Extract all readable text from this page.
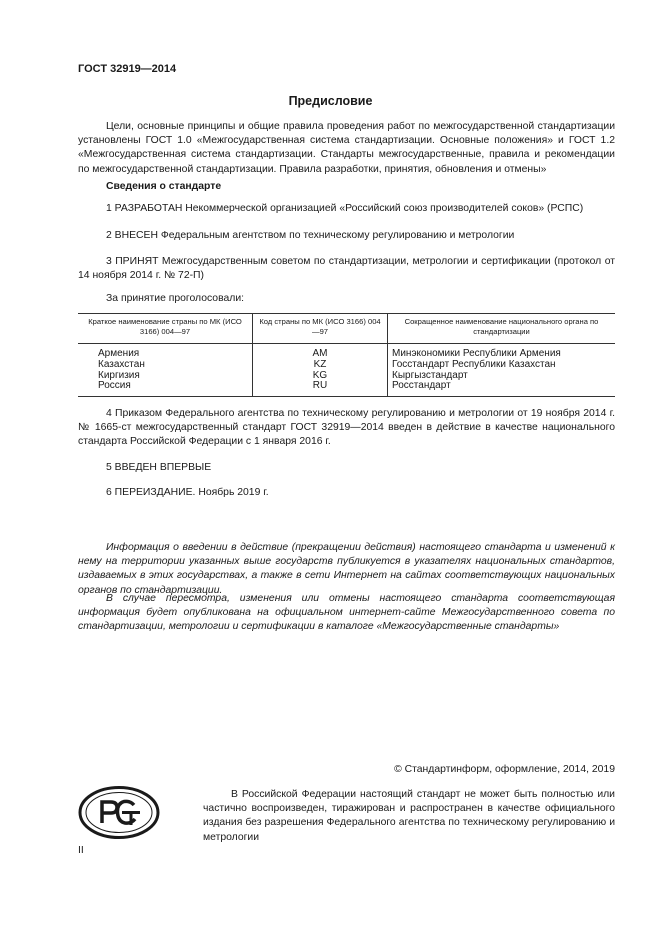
ГОСТ 32919—2014
Предисловие
Цели, основные принципы и общие правила проведения работ по межгосударственной стандартизации установлены ГОСТ 1.0 «Межгосударственная система стандартизации. Основные положения» и ГОСТ 1.2 «Межгосударственная система стандартизации. Стандарты межгосударственные, правила и рекомендации по межгосударственной стандартизации. Правила разработки, принятия, обновления и отмены»
Сведения о стандарте
1 РАЗРАБОТАН Некоммерческой организацией «Российский союз производителей соков» (РСПС)
2 ВНЕСЕН Федеральным агентством по техническому регулированию и метрологии
3 ПРИНЯТ Межгосударственным советом по стандартизации, метрологии и сертификации (протокол от 14 ноября 2014 г. № 72-П)
За принятие проголосовали:
Краткое наименование страны по МК (ИСО 3166) 004—97	Код страны по МК (ИСО 3166) 004—97	Сокращенное наименование национального органа по стандартизации
Армения	AM	Минэкономики Республики Армения
Казахстан	KZ	Госстандарт Республики Казахстан
Киргизия	KG	Кыргызстандарт
Россия	RU	Росстандарт
4 Приказом Федерального агентства по техническому регулированию и метрологии от 19 ноября 2014 г. № 1665-ст межгосударственный стандарт ГОСТ 32919—2014 введен в действие в качестве национального стандарта Российской Федерации с 1 января 2016 г.
5 ВВЕДЕН ВПЕРВЫЕ
6 ПЕРЕИЗДАНИЕ. Ноябрь 2019 г.
Информация о введении в действие (прекращении действия) настоящего стандарта и изменений к нему на территории указанных выше государств публикуется в указателях национальных стандартов, издаваемых в этих государствах, а также в сети Интернет на сайтах соответствующих национальных органов по стандартизации.
В случае пересмотра, изменения или отмены настоящего стандарта соответствующая информация будет опубликована на официальном интернет-сайте Межгосударственного совета по стандартизации, метрологии и сертификации в каталоге «Межгосударственные стандарты»
© Стандартинформ, оформление, 2014, 2019
В Российской Федерации настоящий стандарт не может быть полностью или частично воспроизведен, тиражирован и распространен в качестве официального издания без разрешения Федерального агентства по техническому регулированию и метрологии
II
